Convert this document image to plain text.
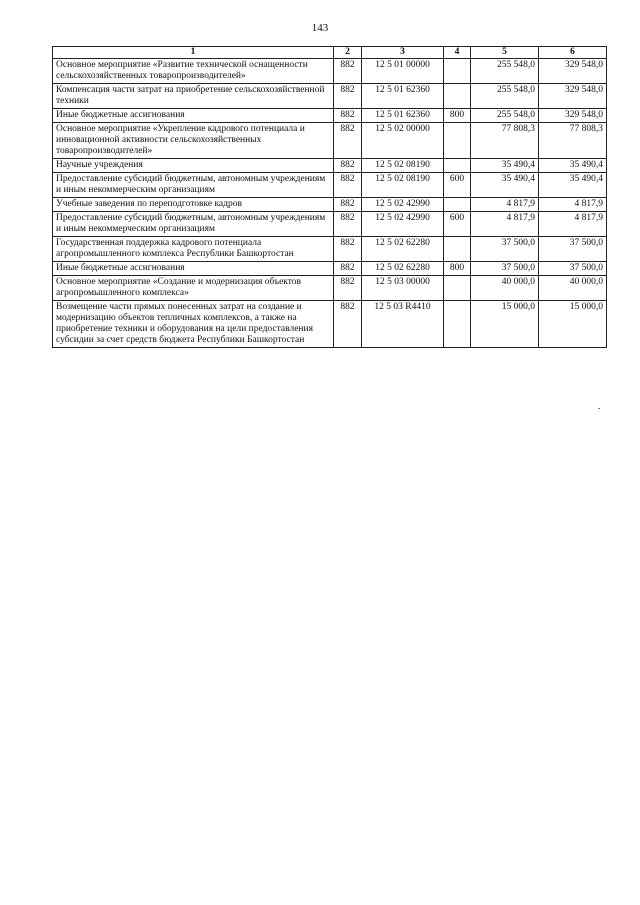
143
1	2	3	4	5	6
Основное мероприятие «Развитие технической оснащенности сельскохозяйственных товаропроизводителей»	882	12 5 01 00000		255 548,0	329 548,0
Компенсация части затрат на приобретение сельскохозяйственной техники	882	12 5 01 62360		255 548,0	329 548,0
Иные бюджетные ассигнования	882	12 5 01 62360	800	255 548,0	329 548,0
Основное мероприятие «Укрепление кадрового потенциала и инновационной активности сельскохозяйственных товаропроизводителей»	882	12 5 02 00000		77 808,3	77 808,3
Научные учреждения	882	12 5 02 08190		35 490,4	35 490,4
Предоставление субсидий бюджетным, автономным учреждениям и иным некоммерческим организациям	882	12 5 02 08190	600	35 490,4	35 490,4
Учебные заведения по переподготовке кадров	882	12 5 02 42990		4 817,9	4 817,9
Предоставление субсидий бюджетным, автономным учреждениям и иным некоммерческим организациям	882	12 5 02 42990	600	4 817,9	4 817,9
Государственная поддержка кадрового потенциала агропромышленного комплекса Республики Башкортостан	882	12 5 02 62280		37 500,0	37 500,0
Иные бюджетные ассигнования	882	12 5 02 62280	800	37 500,0	37 500,0
Основное мероприятие «Создание и модернизация объектов агропромышленного комплекса»	882	12 5 03 00000		40 000,0	40 000,0
Возмещение части прямых понесенных затрат на создание и модернизацию объектов тепличных комплексов, а также на приобретение техники и оборудования на цели предоставления субсидии за счет средств бюджета Республики Башкортостан	882	12 5 03 R4410		15 000,0	15 000,0
